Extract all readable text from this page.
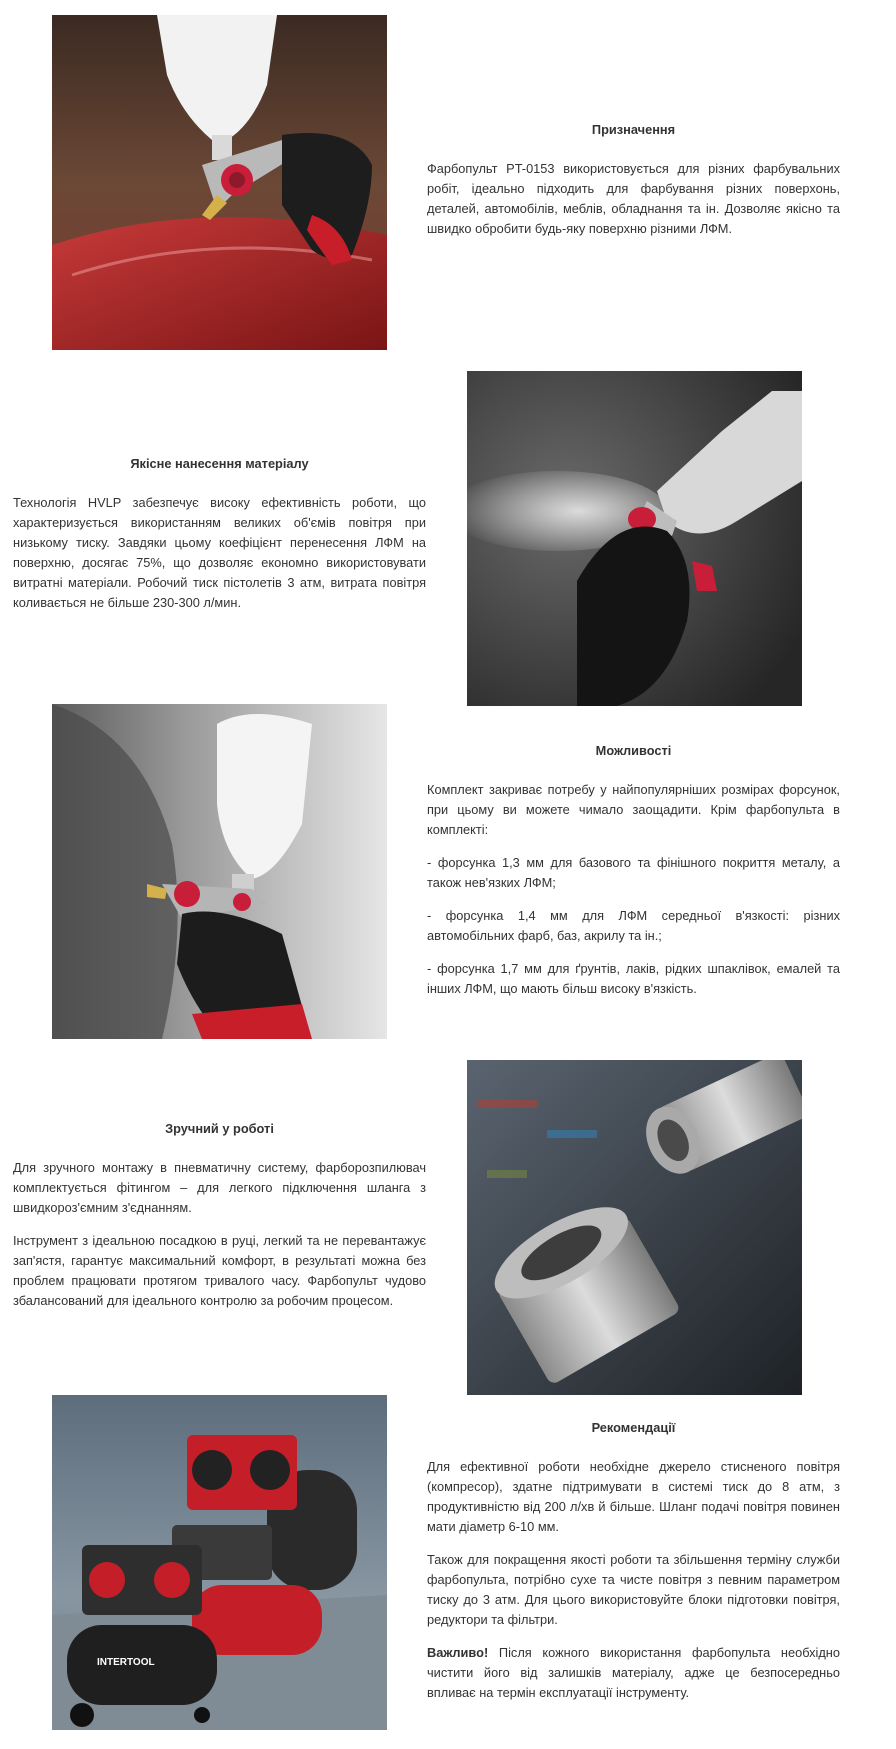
Призначення

Фарбопульт PT-0153 використовується для різних фарбувальних робіт, ідеально підходить для фарбування різних поверхонь, деталей, автомобілів, меблів, обладнання та ін. Дозволяє якісно та швидко обробити будь-яку поверхню різними ЛФМ.

Якісне нанесення матеріалу

Технологія HVLP забезпечує високу ефективність роботи, що характеризується використанням великих об'ємів повітря при низькому тиску. Завдяки цьому коефіцієнт перенесення ЛФМ на поверхню, досягає 75%, що дозволяє економно використовувати витратні матеріали. Робочий тиск пістолетів 3 атм, витрата повітря коливається не більше 230-300 л/мин.

Можливості

Комплект закриває потребу у найпопулярніших розмірах форсунок, при цьому ви можете чимало заощадити. Крім фарбопульта в комплекті:

- форсунка 1,3 мм для базового та фінішного покриття металу, а також нев'язких ЛФМ;

- форсунка 1,4 мм для ЛФМ середньої в'язкості: різних автомобільних фарб, баз, акрилу та ін.;

- форсунка 1,7 мм для ґрунтів, лаків, рідких шпаклівок, емалей та інших ЛФМ, що мають більш високу в'язкість.

Зручний у роботі

Для зручного монтажу в пневматичну систему, фарборозпилювач комплектується фітингом – для легкого підключення шланга з швидкороз'ємним з'єднанням.

Інструмент з ідеальною посадкою в руці, легкий та не перевантажує зап'ястя, гарантує максимальний комфорт, в результаті можна без проблем працювати протягом тривалого часу. Фарбопульт чудово збалансований для ідеального контролю за робочим процесом.

INTERTOOL
Рекомендації

Для ефективної роботи необхідне джерело стисненого повітря (компресор), здатне підтримувати в системі тиск до 8 атм, з продуктивністю від 200 л/хв й більше. Шланг подачі повітря повинен мати діаметр 6-10 мм.

Також для покращення якості роботи та збільшення терміну служби фарбопульта, потрібно сухе та чисте повітря з певним параметром тиску до 3 атм. Для цього використовуйте блоки підготовки повітря, редуктори та фільтри.

Важливо! Після кожного використання фарбопульта необхідно чистити його від залишків матеріалу, адже це безпосередньо впливає на термін експлуатації інструменту.
